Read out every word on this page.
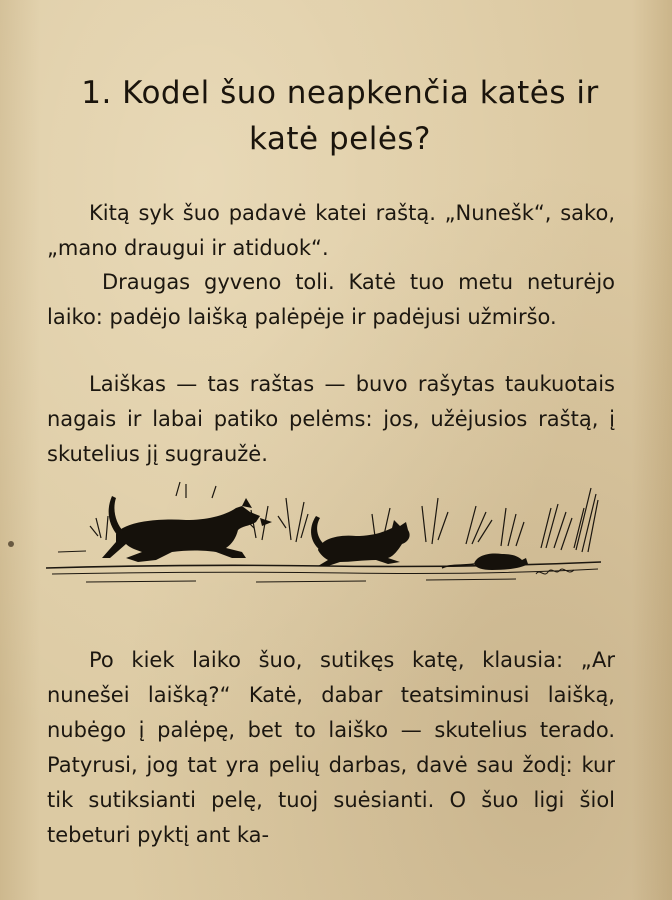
1. Kodel šuo neapkenčia katės ir
katė pelės?

Kitą syk šuo padavė katei raštą. „Nunešk“, sako, „mano draugui ir atiduok“.

Draugas gyveno toli. Katė tuo metu neturėjo laiko: padėjo laišką palėpėje ir padėjusi užmiršo.

Laiškas — tas raštas — buvo rašytas taukuotais nagais ir labai patiko pelėms: jos, užėjusios raštą, į skutelius jį sugraužė.

Po kiek laiko šuo, sutikęs katę, klausia: „Ar nunešei laišką?“ Katė, dabar teatsiminusi laišką, nubėgo į palėpę, bet to laiško — skutelius terado. Patyrusi, jog tat yra pelių darbas, davė sau žodį: kur tik sutiksianti pelę, tuoj suėsianti. O šuo ligi šiol tebeturi pyktį ant ka-
